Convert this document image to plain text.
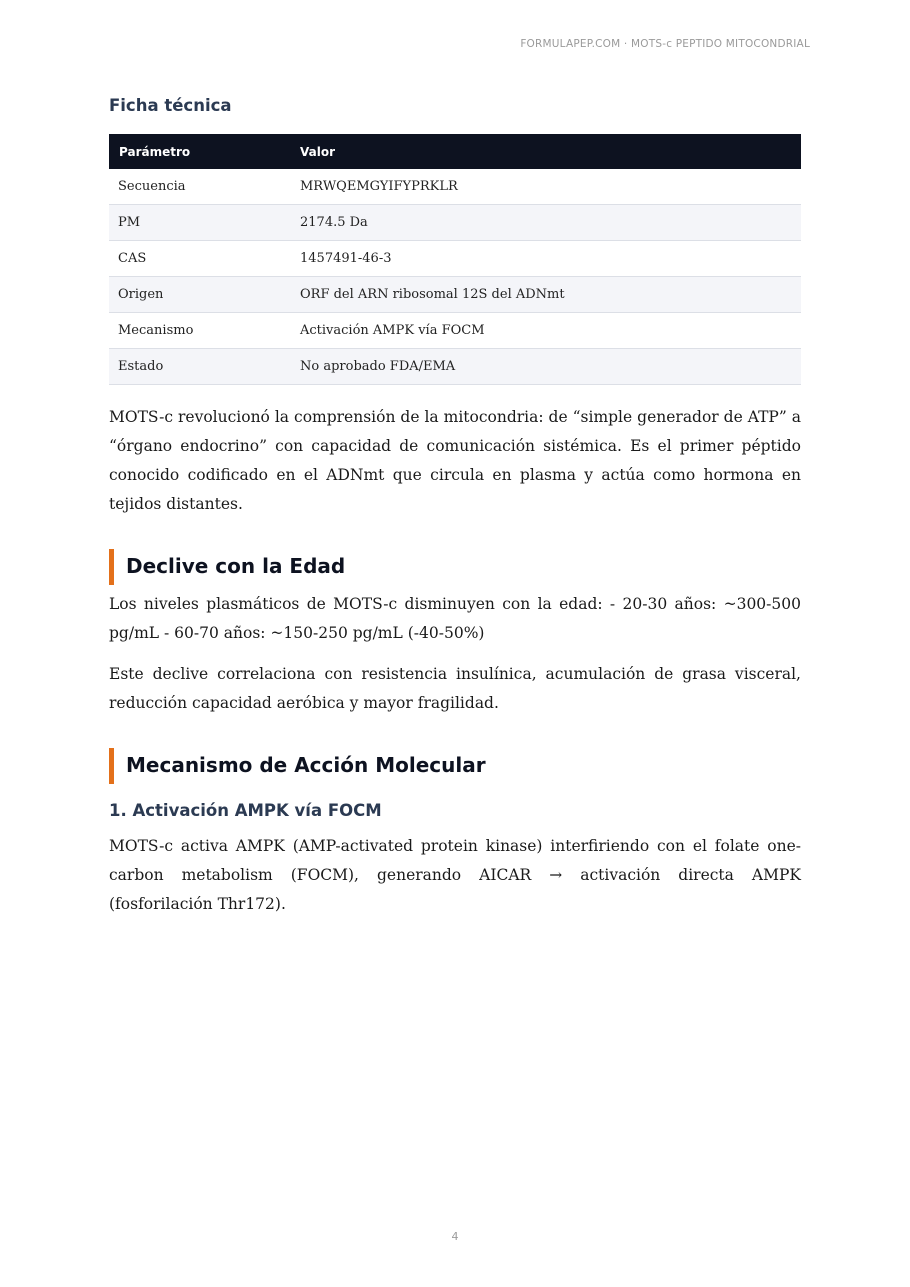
FORMULAPEP.COM · MOTS-c PEPTIDO MITOCONDRIAL
Ficha técnica
Parámetro	Valor
Secuencia	MRWQEMGYIFYPRKLR
PM	2174.5 Da
CAS	1457491-46-3
Origen	ORF del ARN ribosomal 12S del ADNmt
Mecanismo	Activación AMPK vía FOCM
Estado	No aprobado FDA/EMA

MOTS-c revolucionó la comprensión de la mitocondria: de “simple generador de ATP” a “órgano endocrino” con capacidad de comunicación sistémica. Es el primer péptido conocido codificado en el ADNmt que circula en plasma y actúa como hormona en tejidos distantes.

Declive con la Edad

Los niveles plasmáticos de MOTS-c disminuyen con la edad: - 20-30 años: ~300-500 pg/mL - 60-70 años: ~150-250 pg/mL (-40-50%)

Este declive correlaciona con resistencia insulínica, acumulación de grasa visceral, reducción capacidad aeróbica y mayor fragilidad.

Mecanismo de Acción Molecular
1. Activación AMPK vía FOCM

MOTS-c activa AMPK (AMP-activated protein kinase) interfiriendo con el folate one-carbon metabolism (FOCM), generando AICAR → activación directa AMPK (fosforilación Thr172).

4
